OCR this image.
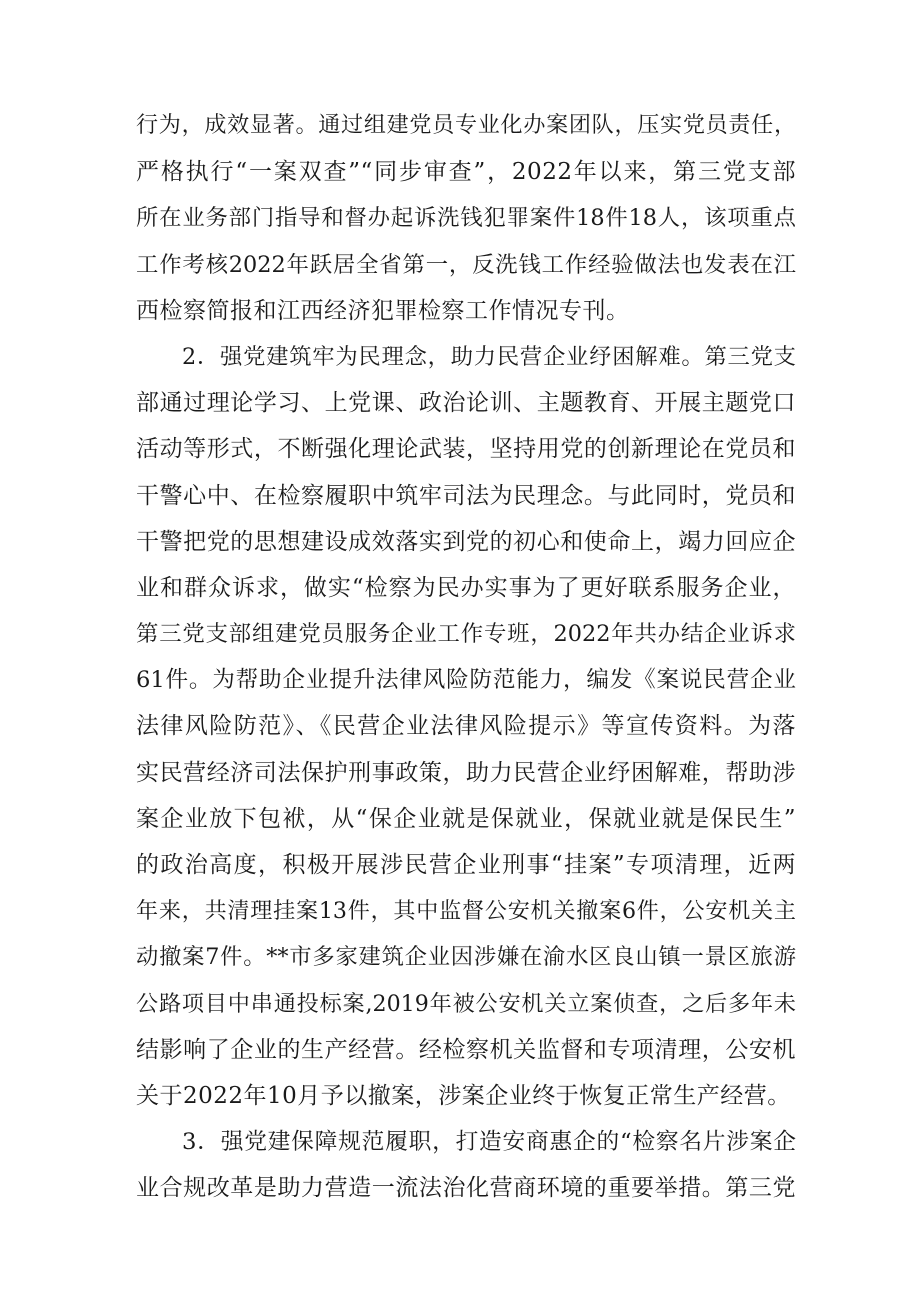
行为，成效显著。通过组建党员专业化办案团队，压实党员责任，
严格执行“一案双查”“同步审查”，2022年以来，第三党支部
所在业务部门指导和督办起诉洗钱犯罪案件18件18人，该项重点
工作考核2022年跃居全省第一，反洗钱工作经验做法也发表在江
西检察简报和江西经济犯罪检察工作情况专刊。
2．强党建筑牢为民理念，助力民营企业纾困解难。第三党支
部通过理论学习、上党课、政治论训、主题教育、开展主题党口
活动等形式，不断强化理论武装，坚持用党的创新理论在党员和
干警心中、在检察履职中筑牢司法为民理念。与此同时，党员和
干警把党的思想建设成效落实到党的初心和使命上，竭力回应企
业和群众诉求，做实“检察为民办实事为了更好联系服务企业，
第三党支部组建党员服务企业工作专班，2022年共办结企业诉求
61件。为帮助企业提升法律风险防范能力，编发《案说民营企业
法律风险防范》、《民营企业法律风险提示》等宣传资料。为落
实民营经济司法保护刑事政策，助力民营企业纾困解难，帮助涉
案企业放下包袱，从“保企业就是保就业，保就业就是保民生”
的政治高度，积极开展涉民营企业刑事“挂案”专项清理，近两
年来，共清理挂案13件，其中监督公安机关撤案6件，公安机关主
动撤案7件。**市多家建筑企业因涉嫌在渝水区良山镇一景区旅游
公路项目中串通投标案,2019年被公安机关立案侦查，之后多年未
结影响了企业的生产经营。经检察机关监督和专项清理，公安机
关于2022年10月予以撤案，涉案企业终于恢复正常生产经营。
3．强党建保障规范履职，打造安商惠企的“检察名片涉案企
业合规改革是助力营造一流法治化营商环境的重要举措。第三党
